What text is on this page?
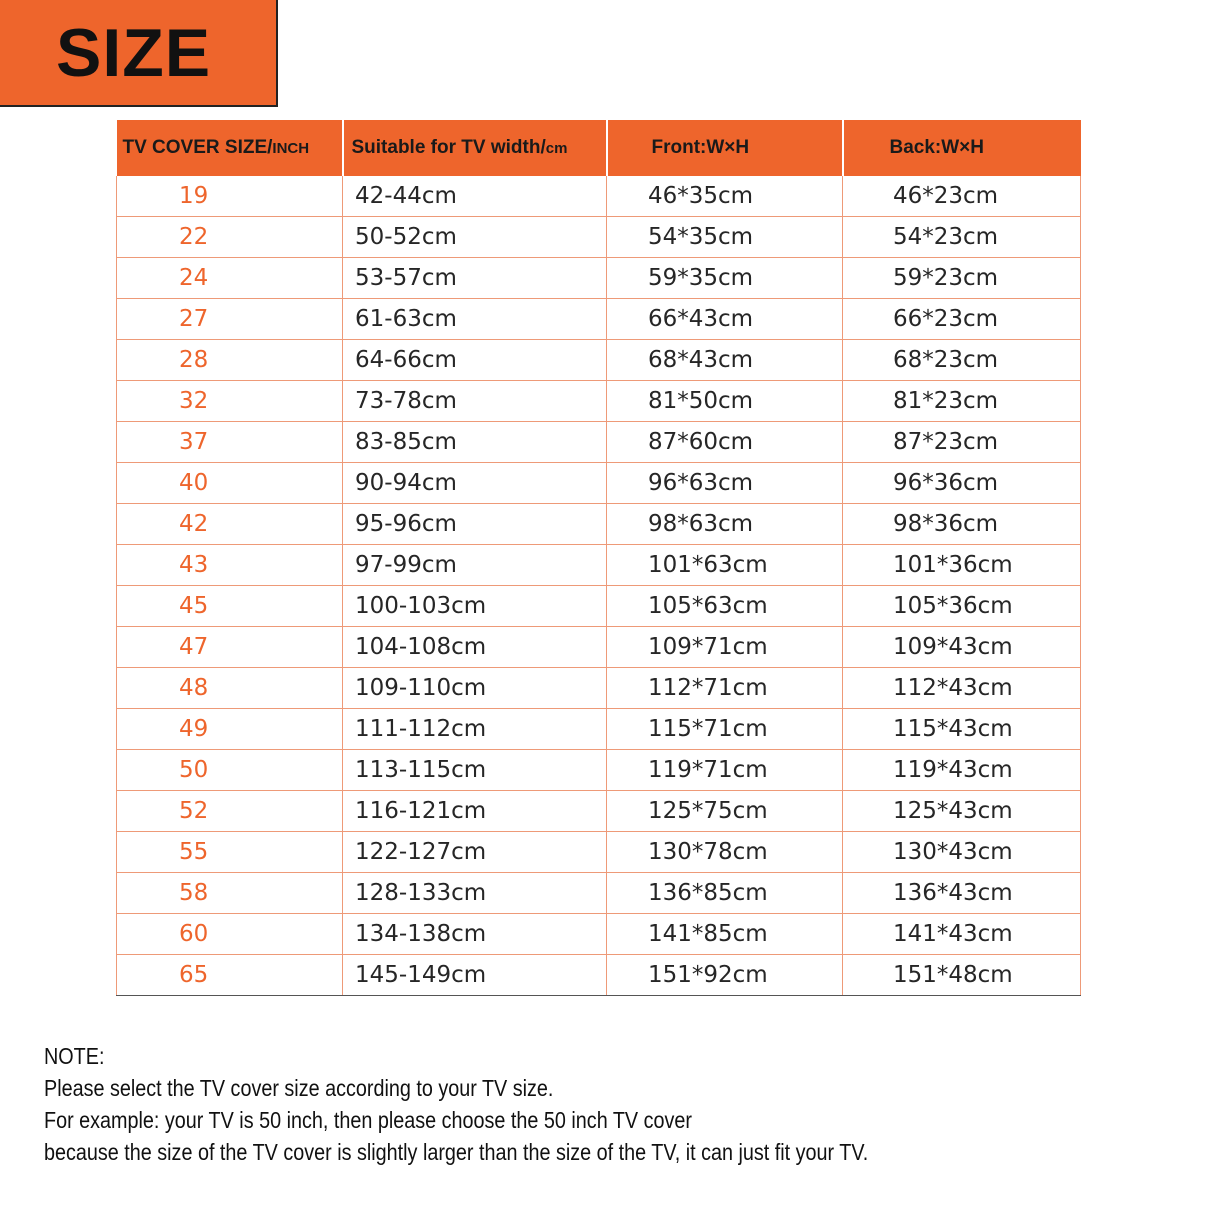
SIZE
TV COVER SIZE/INCH	Suitable for TV width/cm	Front:W×H	Back:W×H
19	42-44cm	46*35cm	46*23cm
22	50-52cm	54*35cm	54*23cm
24	53-57cm	59*35cm	59*23cm
27	61-63cm	66*43cm	66*23cm
28	64-66cm	68*43cm	68*23cm
32	73-78cm	81*50cm	81*23cm
37	83-85cm	87*60cm	87*23cm
40	90-94cm	96*63cm	96*36cm
42	95-96cm	98*63cm	98*36cm
43	97-99cm	101*63cm	101*36cm
45	100-103cm	105*63cm	105*36cm
47	104-108cm	109*71cm	109*43cm
48	109-110cm	112*71cm	112*43cm
49	111-112cm	115*71cm	115*43cm
50	113-115cm	119*71cm	119*43cm
52	116-121cm	125*75cm	125*43cm
55	122-127cm	130*78cm	130*43cm
58	128-133cm	136*85cm	136*43cm
60	134-138cm	141*85cm	141*43cm
65	145-149cm	151*92cm	151*48cm
NOTE:
Please select the TV cover size according to your TV size.
For example: your TV is 50 inch, then please choose the 50 inch TV cover
because the size of the TV cover is slightly larger than the size of the TV, it can just fit your TV.
